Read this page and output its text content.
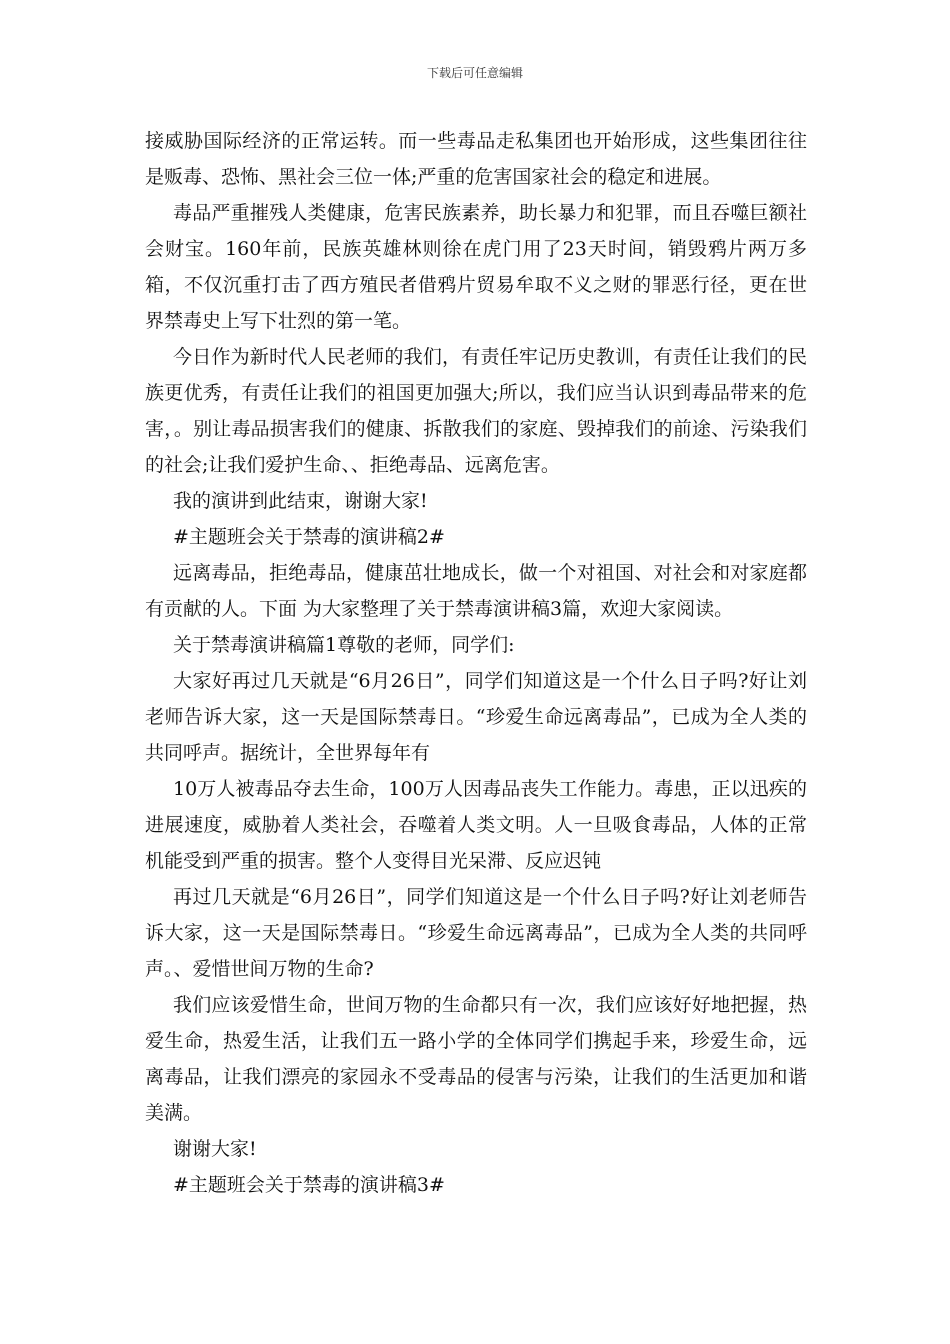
下载后可任意编辑

接威胁国际经济的正常运转。而一些毒品走私集团也开始形成，这些集团往往是贩毒、恐怖、黑社会三位一体;严重的危害国家社会的稳定和进展。

毒品严重摧残人类健康，危害民族素养，助长暴力和犯罪，而且吞噬巨额社会财宝。160年前，民族英雄林则徐在虎门用了23天时间，销毁鸦片两万多箱，不仅沉重打击了西方殖民者借鸦片贸易牟取不义之财的罪恶行径，更在世界禁毒史上写下壮烈的第一笔。

今日作为新时代人民老师的我们，有责任牢记历史教训，有责任让我们的民族更优秀，有责任让我们的祖国更加强大;所以，我们应当认识到毒品带来的危害，。别让毒品损害我们的健康、拆散我们的家庭、毁掉我们的前途、污染我们的社会;让我们爱护生命、、拒绝毒品、远离危害。

我的演讲到此结束，谢谢大家!

#主题班会关于禁毒的演讲稿2#

远离毒品，拒绝毒品，健康茁壮地成长，做一个对祖国、对社会和对家庭都有贡献的人。下面 为大家整理了关于禁毒演讲稿3篇，欢迎大家阅读。

关于禁毒演讲稿篇1尊敬的老师，同学们:

大家好再过几天就是“6月26日”，同学们知道这是一个什么日子吗?好让刘老师告诉大家，这一天是国际禁毒日。“珍爱生命远离毒品”，已成为全人类的共同呼声。据统计，全世界每年有

10万人被毒品夺去生命，100万人因毒品丧失工作能力。毒患，正以迅疾的进展速度，威胁着人类社会，吞噬着人类文明。人一旦吸食毒品，人体的正常机能受到严重的损害。整个人变得目光呆滞、反应迟钝

再过几天就是“6月26日”，同学们知道这是一个什么日子吗?好让刘老师告诉大家，这一天是国际禁毒日。“珍爱生命远离毒品”，已成为全人类的共同呼声。、爱惜世间万物的生命?

我们应该爱惜生命，世间万物的生命都只有一次，我们应该好好地把握，热爱生命，热爱生活，让我们五一路小学的全体同学们携起手来，珍爱生命，远离毒品，让我们漂亮的家园永不受毒品的侵害与污染，让我们的生活更加和谐美满。

谢谢大家!

#主题班会关于禁毒的演讲稿3#
